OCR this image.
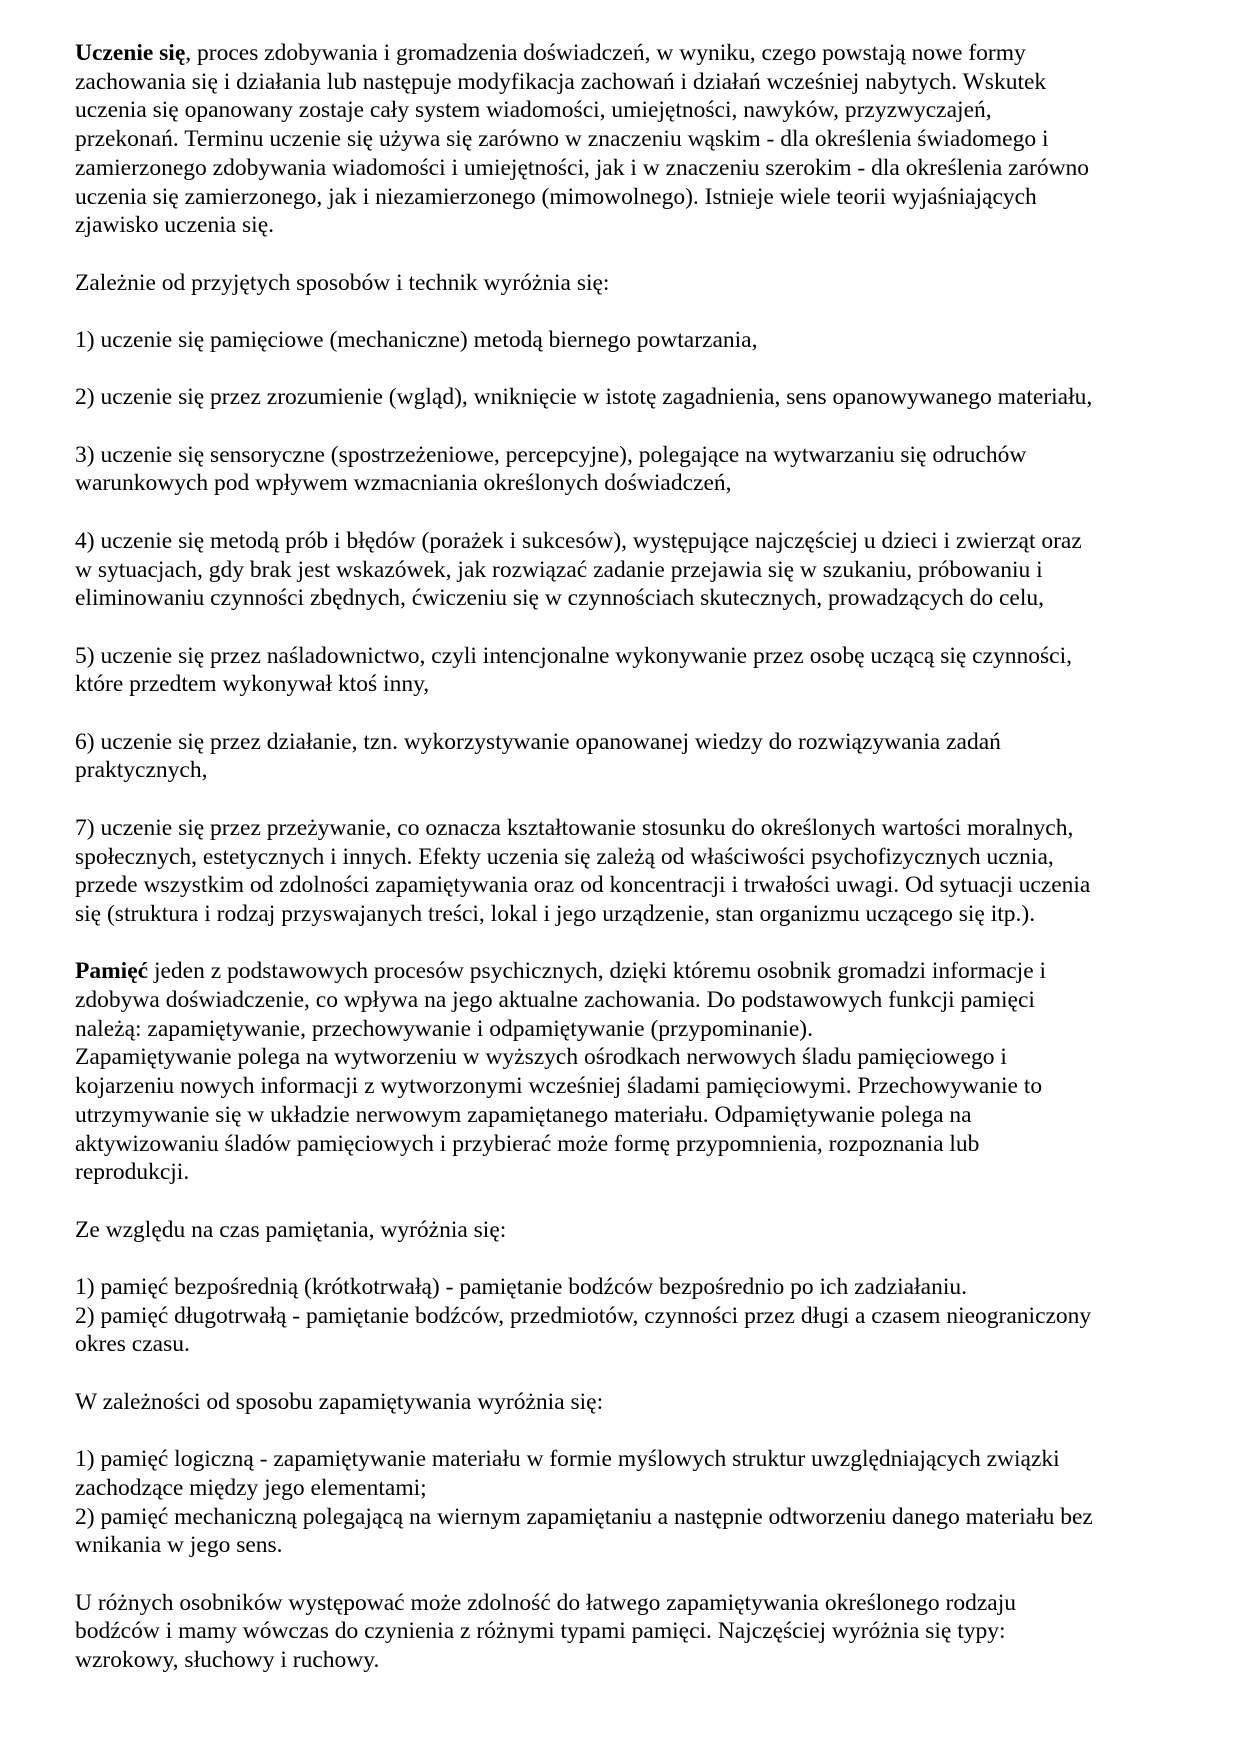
Uczenie się, proces zdobywania i gromadzenia doświadczeń, w wyniku, czego powstają nowe formy
zachowania się i działania lub następuje modyfikacja zachowań i działań wcześniej nabytych. Wskutek
uczenia się opanowany zostaje cały system wiadomości, umiejętności, nawyków, przyzwyczajeń,
przekonań. Terminu uczenie się używa się zarówno w znaczeniu wąskim - dla określenia świadomego i
zamierzonego zdobywania wiadomości i umiejętności, jak i w znaczeniu szerokim - dla określenia zarówno
uczenia się zamierzonego, jak i niezamierzonego (mimowolnego). Istnieje wiele teorii wyjaśniających
zjawisko uczenia się.
Zależnie od przyjętych sposobów i technik wyróżnia się:
1) uczenie się pamięciowe (mechaniczne) metodą biernego powtarzania,
2) uczenie się przez zrozumienie (wgląd), wniknięcie w istotę zagadnienia, sens opanowywanego materiału,
3) uczenie się sensoryczne (spostrzeżeniowe, percepcyjne), polegające na wytwarzaniu się odruchów
warunkowych pod wpływem wzmacniania określonych doświadczeń,
4) uczenie się metodą prób i błędów (porażek i sukcesów), występujące najczęściej u dzieci i zwierząt oraz
w sytuacjach, gdy brak jest wskazówek, jak rozwiązać zadanie przejawia się w szukaniu, próbowaniu i
eliminowaniu czynności zbędnych, ćwiczeniu się w czynnościach skutecznych, prowadzących do celu,
5) uczenie się przez naśladownictwo, czyli intencjonalne wykonywanie przez osobę uczącą się czynności,
które przedtem wykonywał ktoś inny,
6) uczenie się przez działanie, tzn. wykorzystywanie opanowanej wiedzy do rozwiązywania zadań
praktycznych,
7) uczenie się przez przeżywanie, co oznacza kształtowanie stosunku do określonych wartości moralnych,
społecznych, estetycznych i innych. Efekty uczenia się zależą od właściwości psychofizycznych ucznia,
przede wszystkim od zdolności zapamiętywania oraz od koncentracji i trwałości uwagi. Od sytuacji uczenia
się (struktura i rodzaj przyswajanych treści, lokal i jego urządzenie, stan organizmu uczącego się itp.).
Pamięć jeden z podstawowych procesów psychicznych, dzięki któremu osobnik gromadzi informacje i
zdobywa doświadczenie, co wpływa na jego aktualne zachowania. Do podstawowych funkcji pamięci
należą: zapamiętywanie, przechowywanie i odpamiętywanie (przypominanie).
Zapamiętywanie polega na wytworzeniu w wyższych ośrodkach nerwowych śladu pamięciowego i
kojarzeniu nowych informacji z wytworzonymi wcześniej śladami pamięciowymi. Przechowywanie to
utrzymywanie się w układzie nerwowym zapamiętanego materiału. Odpamiętywanie polega na
aktywizowaniu śladów pamięciowych i przybierać może formę przypomnienia, rozpoznania lub
reprodukcji.
Ze względu na czas pamiętania, wyróżnia się:
1) pamięć bezpośrednią (krótkotrwałą) - pamiętanie bodźców bezpośrednio po ich zadziałaniu.
2) pamięć długotrwałą - pamiętanie bodźców, przedmiotów, czynności przez długi a czasem nieograniczony
okres czasu.
W zależności od sposobu zapamiętywania wyróżnia się:
1) pamięć logiczną - zapamiętywanie materiału w formie myślowych struktur uwzględniających związki
zachodzące między jego elementami;
2) pamięć mechaniczną polegającą na wiernym zapamiętaniu a następnie odtworzeniu danego materiału bez
wnikania w jego sens.
U różnych osobników występować może zdolność do łatwego zapamiętywania określonego rodzaju
bodźców i mamy wówczas do czynienia z różnymi typami pamięci. Najczęściej wyróżnia się typy:
wzrokowy, słuchowy i ruchowy.
